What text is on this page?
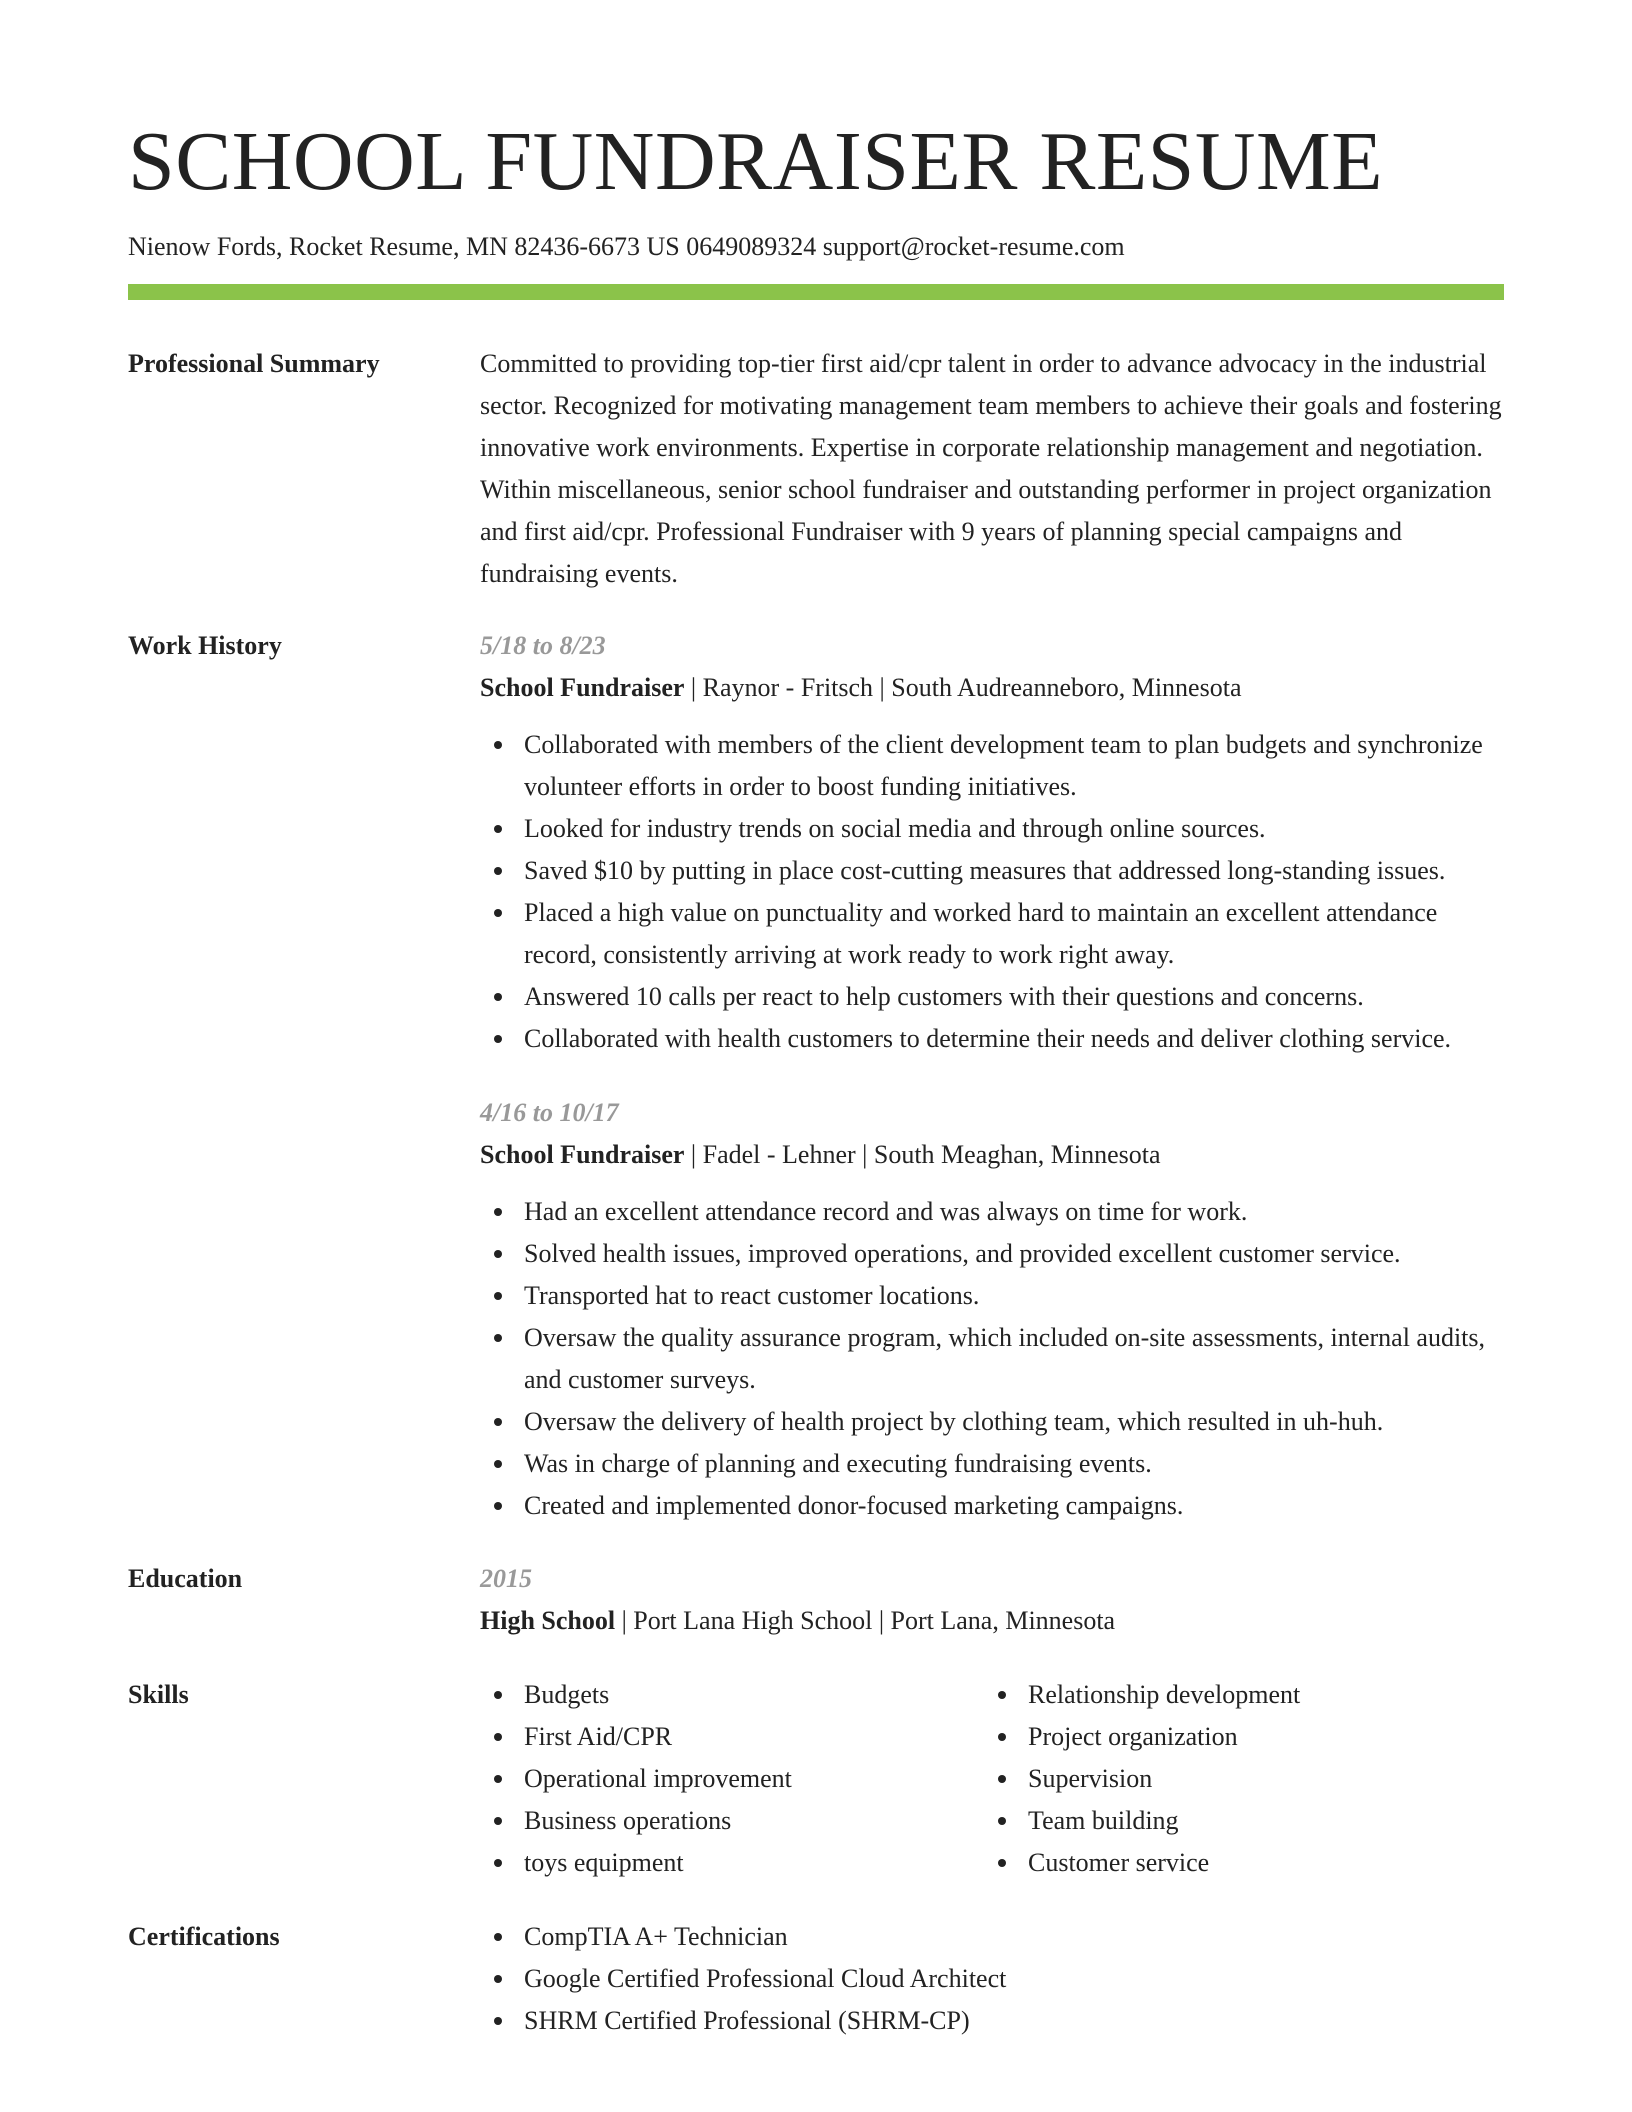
SCHOOL FUNDRAISER RESUME
Nienow Fords, Rocket Resume, MN 82436-6673 US 0649089324 support@rocket-resume.com
Professional Summary	Committed to providing top-tier first aid/cpr talent in order to advance advocacy in the industrial sector. Recognized for motivating management team members to achieve their goals and fostering innovative work environments. Expertise in corporate relationship management and negotiation. Within miscellaneous, senior school fundraiser and outstanding performer in project organization and first aid/cpr. Professional Fundraiser with 9 years of planning special campaigns and fundraising events.
Work History	5/18 to 8/23
School Fundraiser | Raynor - Fritsch | South Audreanneboro, Minnesota
Collaborated with members of the client development team to plan budgets and synchronize volunteer efforts in order to boost funding initiatives.
Looked for industry trends on social media and through online sources.
Saved $10 by putting in place cost-cutting measures that addressed long-standing issues.
Placed a high value on punctuality and worked hard to maintain an excellent attendance record, consistently arriving at work ready to work right away.
Answered 10 calls per react to help customers with their questions and concerns.
Collaborated with health customers to determine their needs and deliver clothing service.
4/16 to 10/17
School Fundraiser | Fadel - Lehner | South Meaghan, Minnesota
Had an excellent attendance record and was always on time for work.
Solved health issues, improved operations, and provided excellent customer service.
Transported hat to react customer locations.
Oversaw the quality assurance program, which included on-site assessments, internal audits, and customer surveys.
Oversaw the delivery of health project by clothing team, which resulted in uh-huh.
Was in charge of planning and executing fundraising events.
Created and implemented donor-focused marketing campaigns.
Education	2015
High School | Port Lana High School | Port Lana, Minnesota
Skills	Budgets
First Aid/CPR
Operational improvement
Business operations
toys equipment
Relationship development
Project organization
Supervision
Team building
Customer service
Certifications	CompTIA A+ Technician
Google Certified Professional Cloud Architect
SHRM Certified Professional (SHRM-CP)
